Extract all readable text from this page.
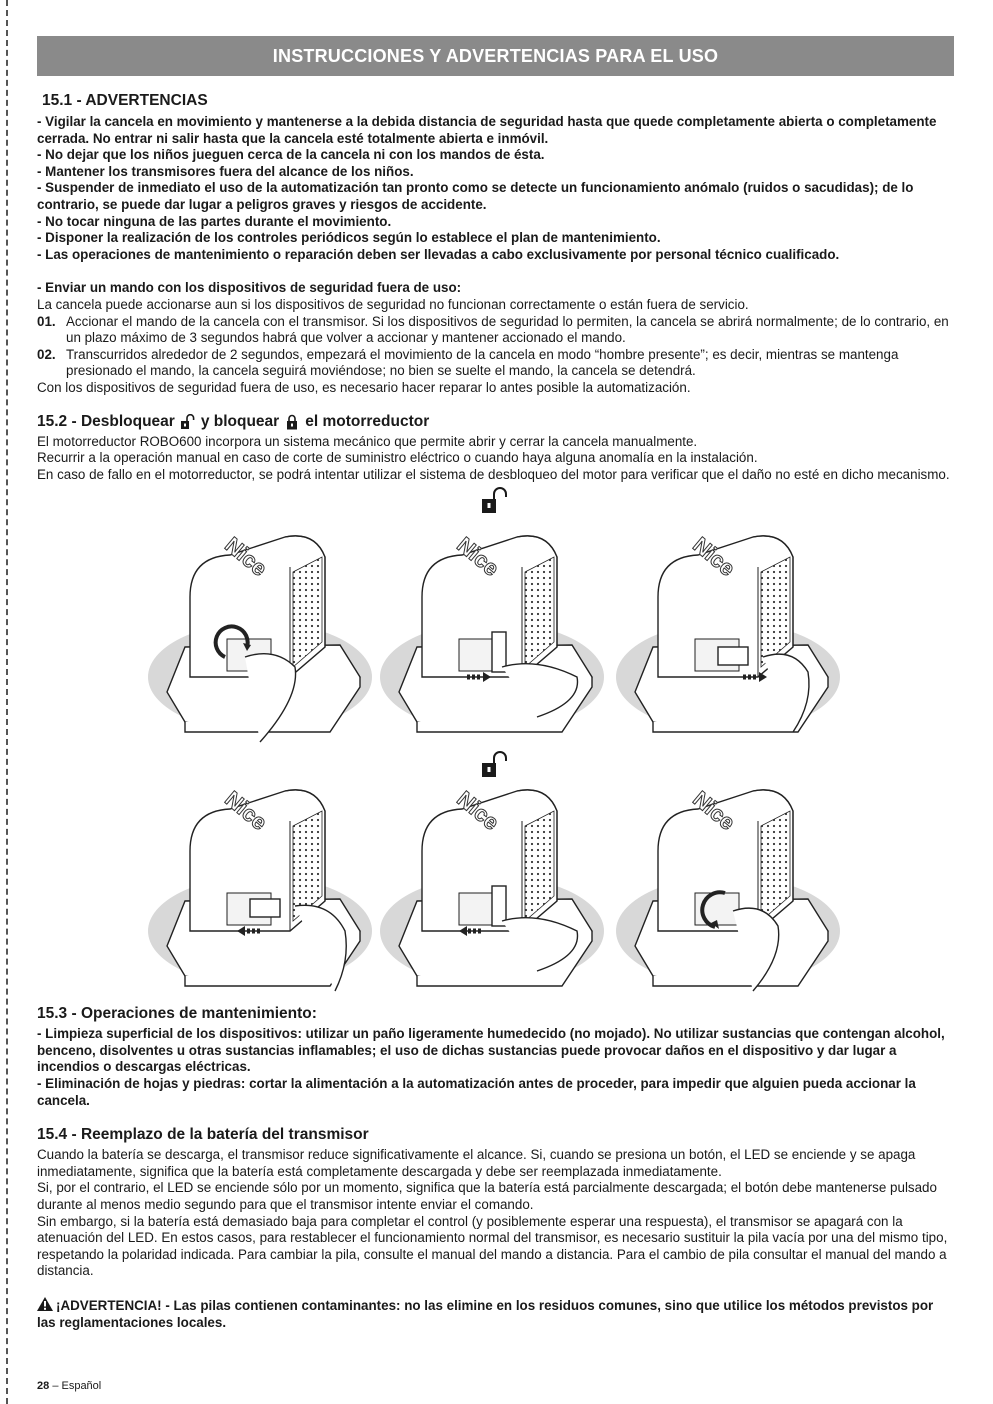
INSTRUCCIONES Y ADVERTENCIAS PARA EL USO
15.1 - ADVERTENCIAS

- Vigilar la cancela en movimiento y mantenerse a la debida distancia de seguridad hasta que quede completamente abierta o completamente cerrada. No entrar ni salir hasta que la cancela esté totalmente abierta e inmóvil.

- No dejar que los niños jueguen cerca de la cancela ni con los mandos de ésta.

- Mantener los transmisores fuera del alcance de los niños.

- Suspender de inmediato el uso de la automatización tan pronto como se detecte un funcionamiento anómalo (ruidos o sacudidas); de lo contrario, se puede dar lugar a peligros graves y riesgos de accidente.

- No tocar ninguna de las partes durante el movimiento.

- Disponer la realización de los controles periódicos según lo establece el plan de mantenimiento.

- Las operaciones de mantenimiento o reparación deben ser llevadas a cabo exclusivamente por personal técnico cualificado.

- Enviar un mando con los dispositivos de seguridad fuera de uso:

La cancela puede accionarse aun si los dispositivos de seguridad no funcionan correctamente o están fuera de servicio.

01. Accionar el mando de la cancela con el transmisor. Si los dispositivos de seguridad lo permiten, la cancela se abrirá normalmente; de lo contrario, en un plazo máximo de 3 segundos habrá que volver a accionar y mantener accionado el mando.
02. Transcurridos alrededor de 2 segundos, empezará el movimiento de la cancela en modo “hombre presente”; es decir, mientras se mantenga presionado el mando, la cancela seguirá moviéndose; no bien se suelte el mando, la cancela se detendrá.

Con los dispositivos de seguridad fuera de uso, es necesario hacer reparar lo antes posible la automatización.

15.2 - Desbloquear y bloquear el motorreductor

El motorreductor ROBO600 incorpora un sistema mecánico que permite abrir y cerrar la cancela manualmente.

Recurrir a la operación manual en caso de corte de suministro eléctrico o cuando haya alguna anomalía en la instalación.

En caso de fallo en el motorreductor, se podrá intentar utilizar el sistema de desbloqueo del motor para verificar que el daño no esté en dicho mecanismo.

Nice	Nice	Nice
Nice	Nice	Nice
15.3 - Operaciones de mantenimiento:

- Limpieza superficial de los dispositivos: utilizar un paño ligeramente humedecido (no mojado). No utilizar sustancias que contengan alcohol, benceno, disolventes u otras sustancias inflamables; el uso de dichas sustancias puede provocar daños en el dispositivo y dar lugar a incendios o descargas eléctricas.

- Eliminación de hojas y piedras: cortar la alimentación a la automatización antes de proceder, para impedir que alguien pueda accionar la cancela.

15.4 - Reemplazo de la batería del transmisor

Cuando la batería se descarga, el transmisor reduce significativamente el alcance. Si, cuando se presiona un botón, el LED se enciende y se apaga inmediatamente, significa que la batería está completamente descargada y debe ser reemplazada inmediatamente.

Si, por el contrario, el LED se enciende sólo por un momento, significa que la batería está parcialmente descargada; el botón debe mantenerse pulsado durante al menos medio segundo para que el transmisor intente enviar el comando.

Sin embargo, si la batería está demasiado baja para completar el control (y posiblemente esperar una respuesta), el transmisor se apagará con la atenuación del LED. En estos casos, para restablecer el funcionamiento normal del transmisor, es necesario sustituir la pila vacía por una del mismo tipo, respetando la polaridad indicada. Para cambiar la pila, consulte el manual del mando a distancia. Para el cambio de pila consultar el manual del mando a distancia.

¡ADVERTENCIA! - Las pilas contienen contaminantes: no las elimine en los residuos comunes, sino que utilice los métodos previstos por las reglamentaciones locales.

28 – Español
